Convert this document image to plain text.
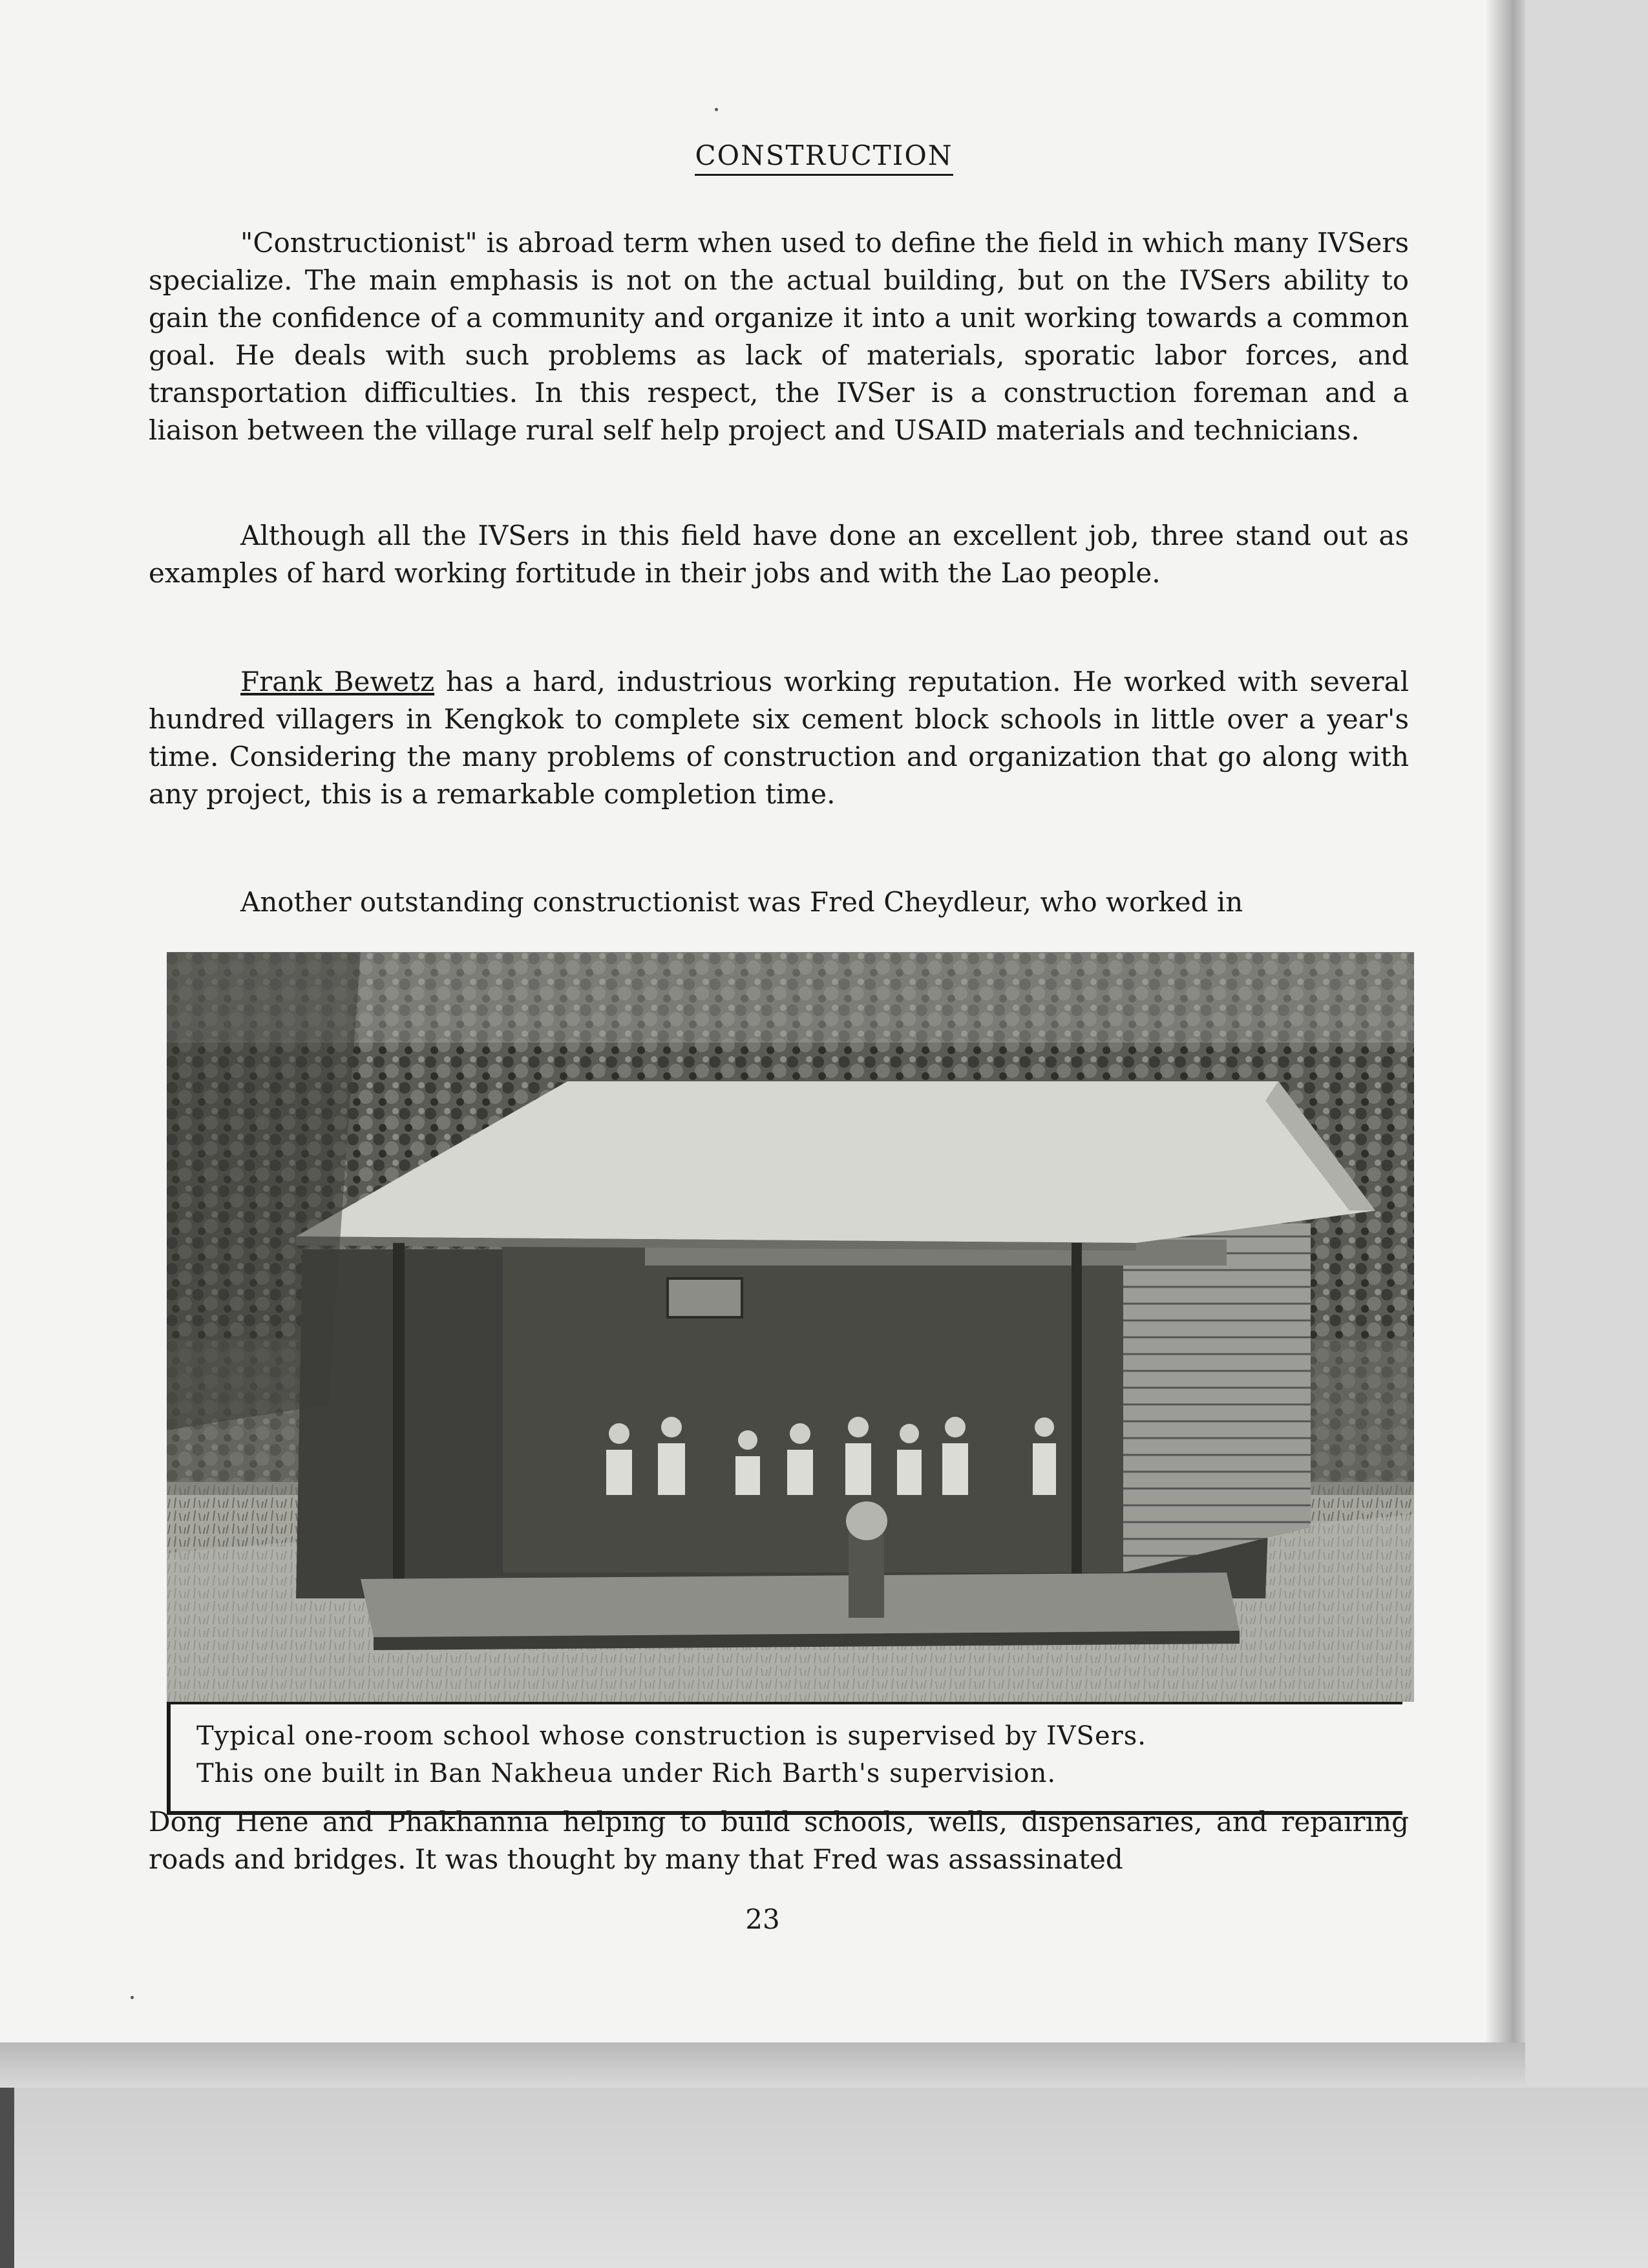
CONSTRUCTION

"Constructionist" is abroad term when used to define the field in which many IVSers specialize. The main emphasis is not on the actual building, but on the IVSers ability to gain the confidence of a community and organize it into a unit working towards a common goal. He deals with such problems as lack of materials, sporatic labor forces, and transportation difficulties. In this respect, the IVSer is a construction foreman and a liaison between the village rural self help project and USAID materials and technicians.

Although all the IVSers in this field have done an excellent job, three stand out as examples of hard working fortitude in their jobs and with the Lao people.

Frank Bewetz has a hard, industrious working reputation. He worked with several hundred villagers in Kengkok to complete six cement block schools in little over a year's time. Considering the many problems of construction and organization that go along with any project, this is a remarkable completion time.

Another outstanding constructionist was Fred Cheydleur, who worked in

Typical one-room school whose construction is supervised by IVSers.
This one built in Ban Nakheua under Rich Barth's supervision.

Dong Hene and Phakhannia helping to build schools, wells, dispensaries, and repairing roads and bridges. It was thought by many that Fred was assassinated

23
